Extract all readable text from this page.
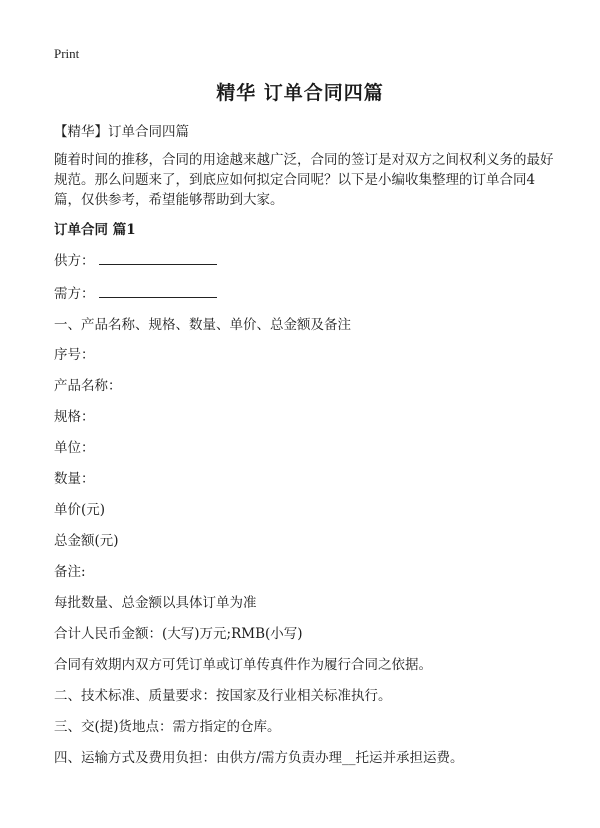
Print
精华 订单合同四篇
【精华】订单合同四篇
随着时间的推移，合同的用途越来越广泛，合同的签订是对双方之间权利义务的最好规范。那么问题来了，到底应如何拟定合同呢？以下是小编收集整理的订单合同4篇，仅供参考，希望能够帮助到大家。
订单合同 篇1
供方：
需方：
一、产品名称、规格、数量、单价、总金额及备注
序号：
产品名称：
规格：
单位：
数量：
单价(元)
总金额(元)
备注:
每批数量、总金额以具体订单为准
合计人民币金额：(大写)万元;RMB(小写)
合同有效期内双方可凭订单或订单传真件作为履行合同之依据。
二、技术标准、质量要求：按国家及行业相关标准执行。
三、交(提)货地点：需方指定的仓库。
四、运输方式及费用负担：由供方/需方负责办理__托运并承担运费。
